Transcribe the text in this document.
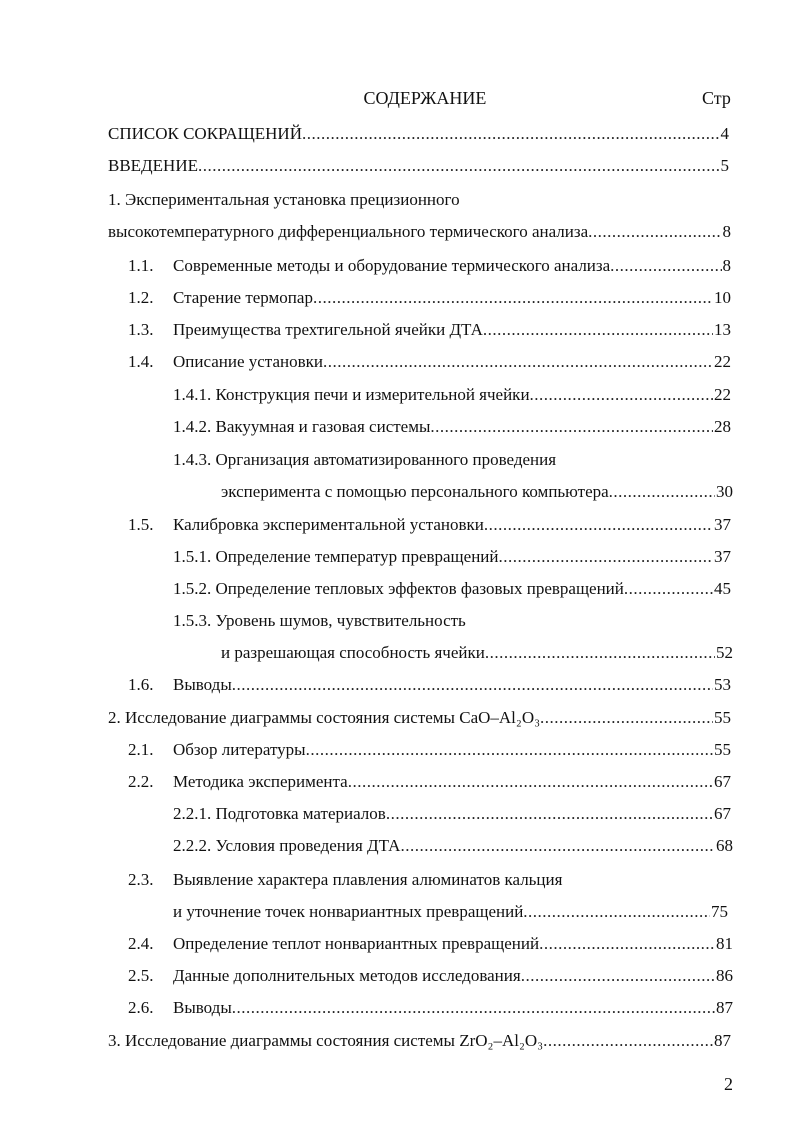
СОДЕРЖАНИЕ	Стр
СПИСОК СОКРАЩЕНИЙ .....	4
ВВЕДЕНИЕ .....	5
1. Экспериментальная установка прецизионного
высокотемпературного дифференциального термического анализа .....	8
1.1. Современные методы и оборудование термического анализа .....	8
1.2. Старение термопар .....	10
1.3. Преимущества трехтигельной ячейки ДТА .....	13
1.4. Описание установки .....	22
1.4.1. Конструкция печи и измерительной ячейки .....	22
1.4.2. Вакуумная и газовая системы .....	28
1.4.3. Организация автоматизированного проведения
эксперимента с помощью персонального компьютера .....	30
1.5. Калибровка экспериментальной установки .....	37
1.5.1. Определение температур превращений .....	37
1.5.2. Определение тепловых эффектов фазовых превращений .....	45
1.5.3. Уровень шумов, чувствительность
и разрешающая способность ячейки .....	52
1.6. Выводы .....	53
2. Исследование диаграммы состояния системы CaO–Al₂O₃ .....	55
2.1. Обзор литературы .....	55
2.2. Методика эксперимента .....	67
2.2.1. Подготовка материалов .....	67
2.2.2. Условия проведения ДТА .....	68
2.3. Выявление характера плавления алюминатов кальция
и уточнение точек нонвариантных превращений .....	75
2.4. Определение теплот нонвариантных превращений .....	81
2.5. Данные дополнительных методов исследования .....	86
2.6. Выводы .....	87
3. Исследование диаграммы состояния системы ZrO₂–Al₂O₃ .....	87
2
